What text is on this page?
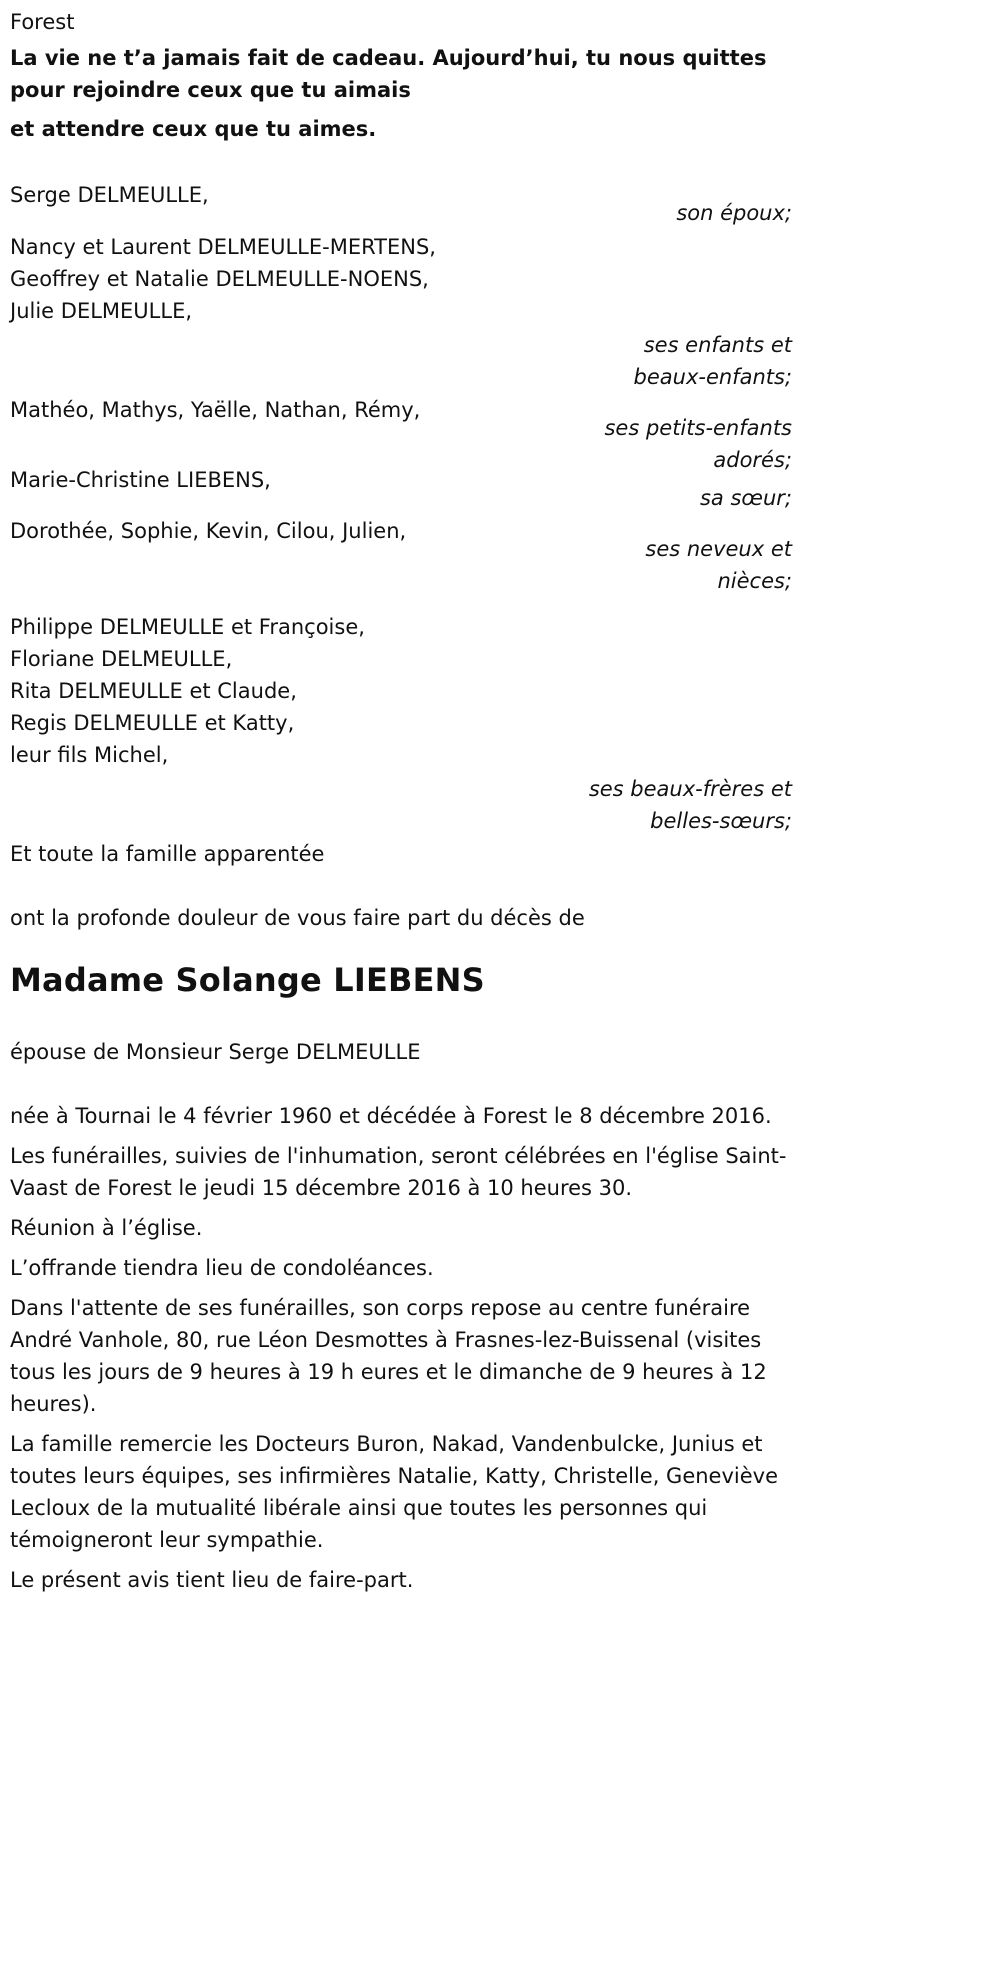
Forest
La vie ne t’a jamais fait de cadeau. Aujourd’hui, tu nous quittes pour rejoindre ceux que tu aimais
et attendre ceux que tu aimes.
Serge DELMEULLE,
son époux;
Nancy et Laurent DELMEULLE-MERTENS,
Geoffrey et Natalie DELMEULLE-NOENS,
Julie DELMEULLE,
ses enfants et
beaux-enfants;
Mathéo, Mathys, Yaëlle, Nathan, Rémy,
ses petits-enfants
adorés;
Marie-Christine LIEBENS,
sa sœur;
Dorothée, Sophie, Kevin, Cilou, Julien,
ses neveux et
nièces;
Philippe DELMEULLE et Françoise,
Floriane DELMEULLE,
Rita DELMEULLE et Claude,
Regis DELMEULLE et Katty,
leur fils Michel,
ses beaux-frères et
belles-sœurs;
Et toute la famille apparentée
ont la profonde douleur de vous faire part du décès de
Madame Solange LIEBENS
épouse de Monsieur Serge DELMEULLE
née à Tournai le 4 février 1960 et décédée à Forest le 8 décembre 2016.
Les funérailles, suivies de l'inhumation, seront célébrées en l'église Saint-Vaast de Forest le jeudi 15 décembre 2016 à 10 heures 30.
Réunion à l’église.
L’offrande tiendra lieu de condoléances.
Dans l'attente de ses funérailles, son corps repose au centre funéraire André Vanhole, 80, rue Léon Desmottes à Frasnes-lez-Buissenal (visites tous les jours de 9 heures à 19 h eures et le dimanche de 9 heures à 12 heures).
La famille remercie les Docteurs Buron, Nakad, Vandenbulcke, Junius et toutes leurs équipes, ses infirmières Natalie, Katty, Christelle, Geneviève Lecloux de la mutualité libérale ainsi que toutes les personnes qui témoigneront leur sympathie.
Le présent avis tient lieu de faire-part.
